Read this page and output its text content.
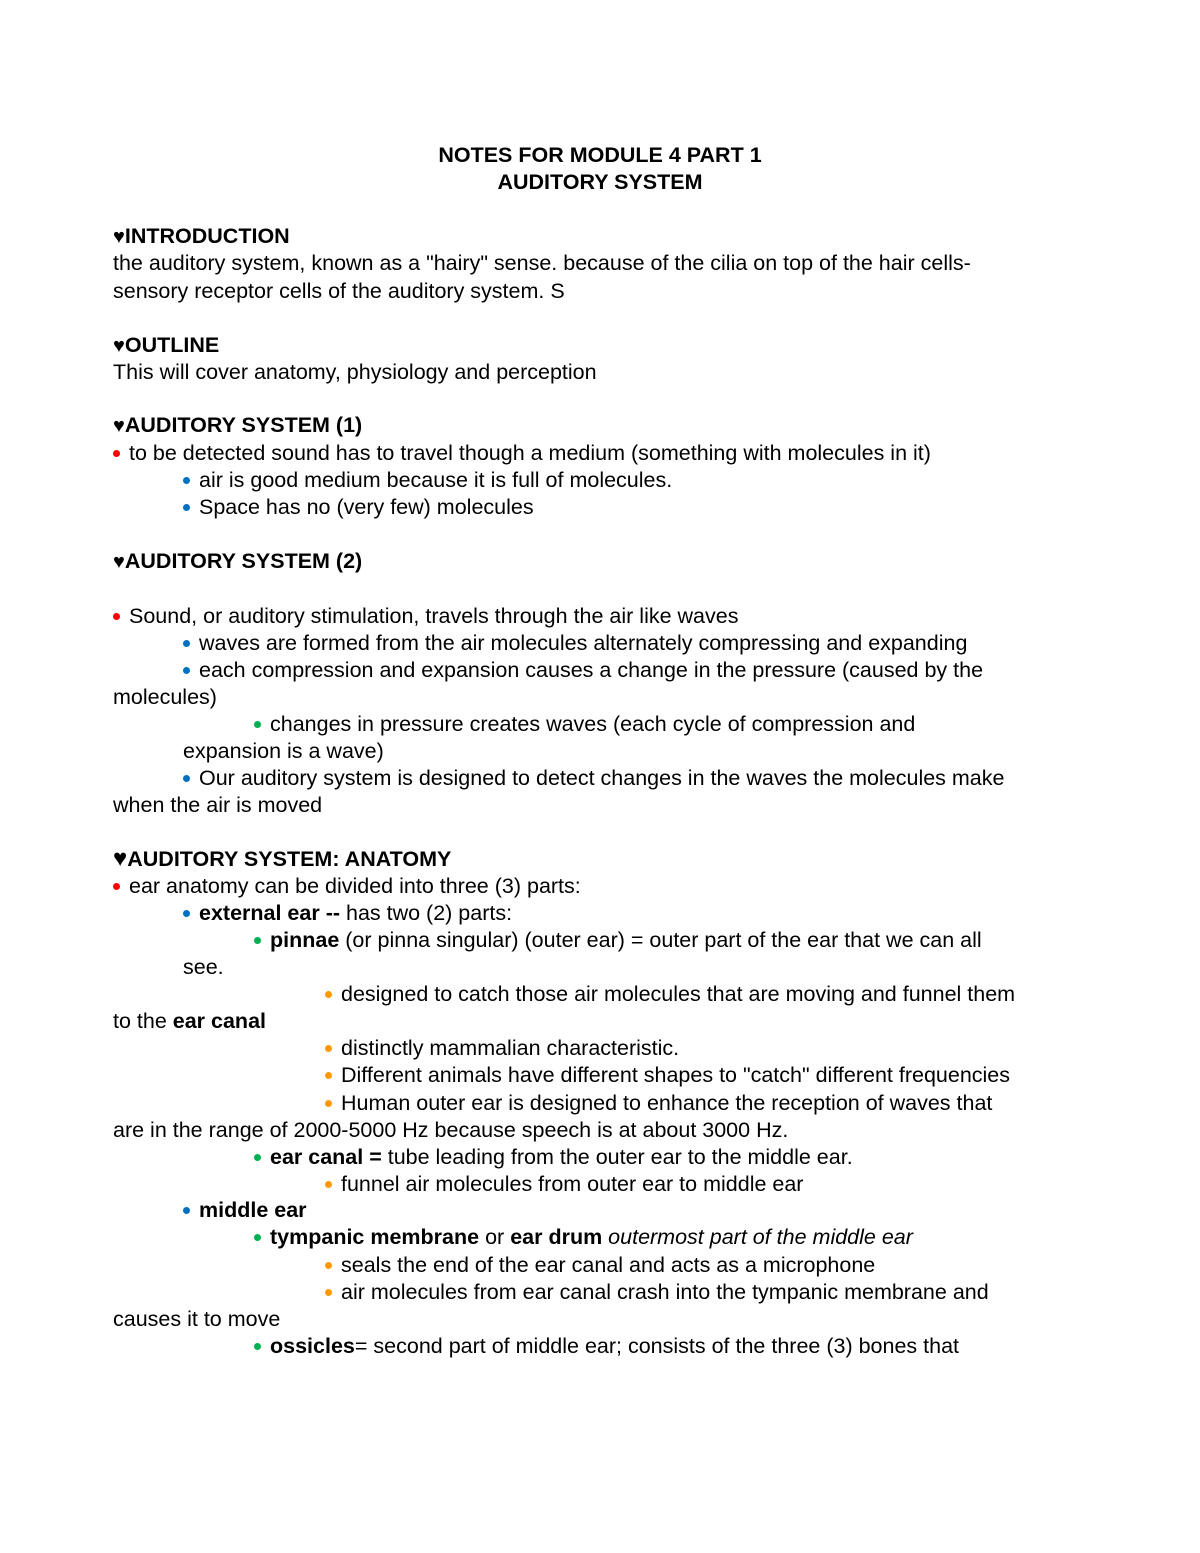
NOTES FOR MODULE 4 PART 1
AUDITORY SYSTEM
♥INTRODUCTION
the auditory system, known as a "hairy" sense. because of the cilia on top of the hair cells-
sensory receptor cells of the auditory system. S
♥OUTLINE
This will cover anatomy, physiology and perception
♥AUDITORY SYSTEM (1)
to be detected sound has to travel though a medium (something with molecules in it)
air is good medium because it is full of molecules.
Space has no (very few) molecules
♥AUDITORY SYSTEM (2)
Sound, or auditory stimulation, travels through the air like waves
waves are formed from the air molecules alternately compressing and expanding
each compression and expansion causes a change in the pressure (caused by the
molecules)
changes in pressure creates waves (each cycle of compression and
expansion is a wave)
Our auditory system is designed to detect changes in the waves the molecules make
when the air is moved
♥AUDITORY SYSTEM: ANATOMY
ear anatomy can be divided into three (3) parts:
external ear -- has two (2) parts:
pinnae (or pinna singular) (outer ear) = outer part of the ear that we can all
see.
designed to catch those air molecules that are moving and funnel them
to the ear canal
distinctly mammalian characteristic.
Different animals have different shapes to "catch" different frequencies
Human outer ear is designed to enhance the reception of waves that
are in the range of 2000-5000 Hz because speech is at about 3000 Hz.
ear canal = tube leading from the outer ear to the middle ear.
funnel air molecules from outer ear to middle ear
middle ear
tympanic membrane or ear drum outermost part of the middle ear
seals the end of the ear canal and acts as a microphone
air molecules from ear canal crash into the tympanic membrane and
causes it to move
ossicles= second part of middle ear; consists of the three (3) bones that
